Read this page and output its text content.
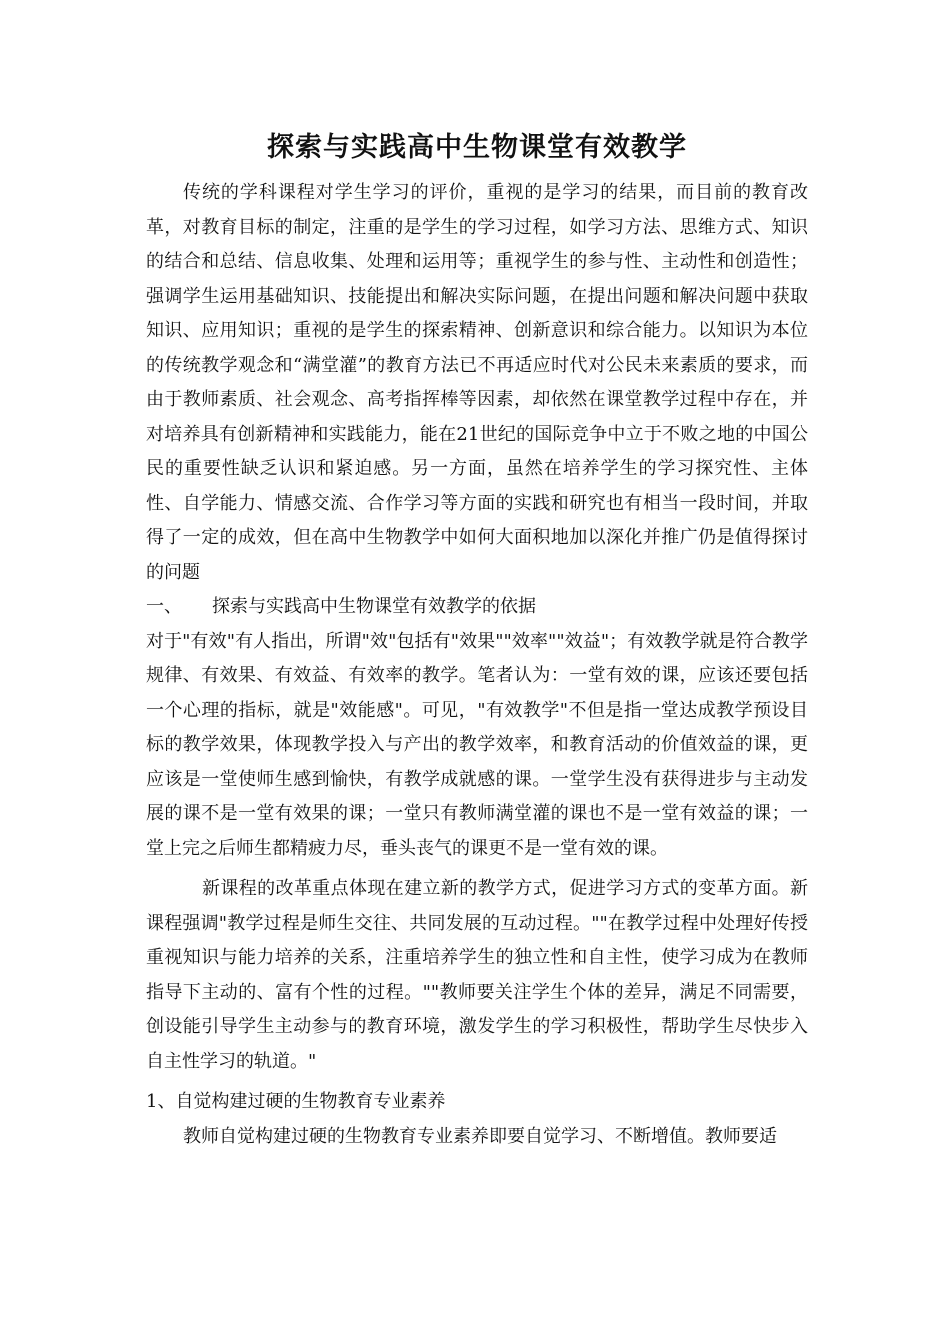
探索与实践高中生物课堂有效教学

传统的学科课程对学生学习的评价，重视的是学习的结果，而目前的教育改革，对教育目标的制定，注重的是学生的学习过程，如学习方法、思维方式、知识的结合和总结、信息收集、处理和运用等；重视学生的参与性、主动性和创造性；强调学生运用基础知识、技能提出和解决实际问题，在提出问题和解决问题中获取知识、应用知识；重视的是学生的探索精神、创新意识和综合能力。以知识为本位的传统教学观念和“满堂灌”的教育方法已不再适应时代对公民未来素质的要求，而由于教师素质、社会观念、高考指挥棒等因素，却依然在课堂教学过程中存在，并对培养具有创新精神和实践能力，能在21世纪的国际竞争中立于不败之地的中国公民的重要性缺乏认识和紧迫感。另一方面，虽然在培养学生的学习探究性、主体性、自学能力、情感交流、合作学习等方面的实践和研究也有相当一段时间，并取得了一定的成效，但在高中生物教学中如何大面积地加以深化并推广仍是值得探讨的问题

一、 探索与实践高中生物课堂有效教学的依据

对于"有效"有人指出，所谓"效"包括有"效果""效率""效益"；有效教学就是符合教学规律、有效果、有效益、有效率的教学。笔者认为：一堂有效的课，应该还要包括一个心理的指标，就是"效能感"。可见，"有效教学"不但是指一堂达成教学预设目标的教学效果，体现教学投入与产出的教学效率，和教育活动的价值效益的课，更应该是一堂使师生感到愉快，有教学成就感的课。一堂学生没有获得进步与主动发展的课不是一堂有效果的课；一堂只有教师满堂灌的课也不是一堂有效益的课；一堂上完之后师生都精疲力尽，垂头丧气的课更不是一堂有效的课。

新课程的改革重点体现在建立新的教学方式，促进学习方式的变革方面。新课程强调"教学过程是师生交往、共同发展的互动过程。""在教学过程中处理好传授重视知识与能力培养的关系，注重培养学生的独立性和自主性，使学习成为在教师指导下主动的、富有个性的过程。""教师要关注学生个体的差异，满足不同需要，创设能引导学生主动参与的教育环境，激发学生的学习积极性，帮助学生尽快步入自主性学习的轨道。"

1、自觉构建过硬的生物教育专业素养

教师自觉构建过硬的生物教育专业素养即要自觉学习、不断增值。教师要适
